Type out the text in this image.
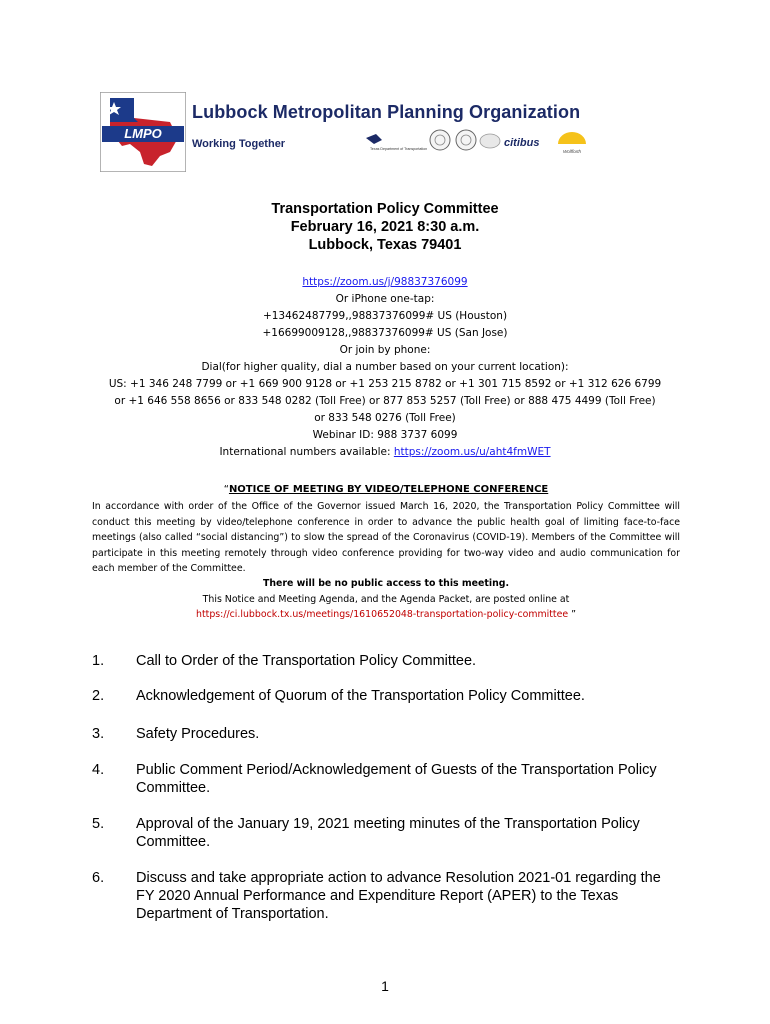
LMPO
Lubbock Metropolitan Planning Organization
Working Together	Texas Department of Transportation	citibus
Wolfforth
Transportation Policy Committee
February 16, 2021 8:30 a.m.
Lubbock, Texas 79401
https://zoom.us/j/98837376099
Or iPhone one-tap:
+13462487799,,98837376099# US (Houston)
+16699009128,,98837376099# US (San Jose)
Or join by phone:
Dial(for higher quality, dial a number based on your current location):
US: +1 346 248 7799 or +1 669 900 9128 or +1 253 215 8782 or +1 301 715 8592 or +1 312 626 6799
or +1 646 558 8656 or 833 548 0282 (Toll Free) or 877 853 5257 (Toll Free) or 888 475 4499 (Toll Free)
or 833 548 0276 (Toll Free)
Webinar ID: 988 3737 6099
International numbers available: https://zoom.us/u/aht4fmWET
“NOTICE OF MEETING BY VIDEO/TELEPHONE CONFERENCE
In accordance with order of the Office of the Governor issued March 16, 2020, the Transportation Policy Committee will conduct this meeting by video/telephone conference in order to advance the public health goal of limiting face-to-face meetings (also called “social distancing”) to slow the spread of the Coronavirus (COVID-19). Members of the Committee will participate in this meeting remotely through video conference providing for two-way video and audio communication for each member of the Committee.
There will be no public access to this meeting.
This Notice and Meeting Agenda, and the Agenda Packet, are posted online at
https://ci.lubbock.tx.us/meetings/1610652048-transportation-policy-committee ”
1.	Call to Order of the Transportation Policy Committee.
2.	Acknowledgement of Quorum of the Transportation Policy Committee.
3.	Safety Procedures.
4.	Public Comment Period/Acknowledgement of Guests of the Transportation Policy Committee.
5.	Approval of the January 19, 2021 meeting minutes of the Transportation Policy Committee.
6.	Discuss and take appropriate action to advance Resolution 2021-01 regarding the FY 2020 Annual Performance and Expenditure Report (APER) to the Texas Department of Transportation.
1
